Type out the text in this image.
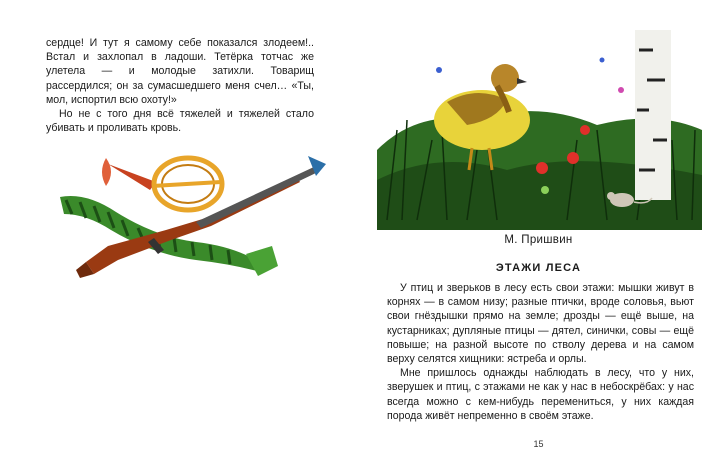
сердце! И тут я самому себе показался злодеем!.. Встал и захлопал в ладоши. Тетёрка тотчас же улетела — и молодые затихли. Товарищ рассердился; он за сумасшедшего меня счел… «Ты, мол, испортил всю охоту!»

Но не с того дня всё тяжелей и тяжелей стало убивать и проливать кровь.

М. Пришвин
ЭТАЖИ ЛЕСА

У птиц и зверьков в лесу есть свои этажи: мышки живут в корнях — в самом низу; разные птички, вроде соловья, вьют свои гнёздышки прямо на земле; дрозды — ещё выше, на кустарниках; дупляные птицы — дятел, синички, совы — ещё повыше; на разной высоте по стволу дерева и на самом верху селятся хищники: ястреба и орлы.

Мне пришлось однажды наблюдать в лесу, что у них, зверушек и птиц, с этажами не как у нас в небоскрёбах: у нас всегда можно с кем-нибудь перемениться, у них каждая порода живёт непременно в своём этаже.

15
